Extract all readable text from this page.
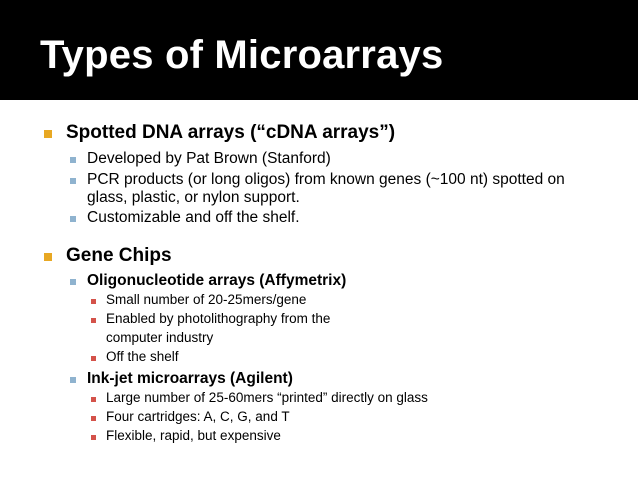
Types of Microarrays
Spotted DNA arrays (“cDNA arrays”)
Developed by Pat Brown (Stanford)
PCR products (or long oligos) from known genes (~100 nt) spotted on
glass, plastic, or nylon support.
Customizable and off the shelf.
Gene Chips
Oligonucleotide arrays (Affymetrix)
Small number of 20-25mers/gene
Enabled by photolithography from the
computer industry
Off the shelf
Ink-jet microarrays (Agilent)
Large number of 25-60mers “printed” directly on glass
Four cartridges: A, C, G, and T
Flexible, rapid, but expensive
